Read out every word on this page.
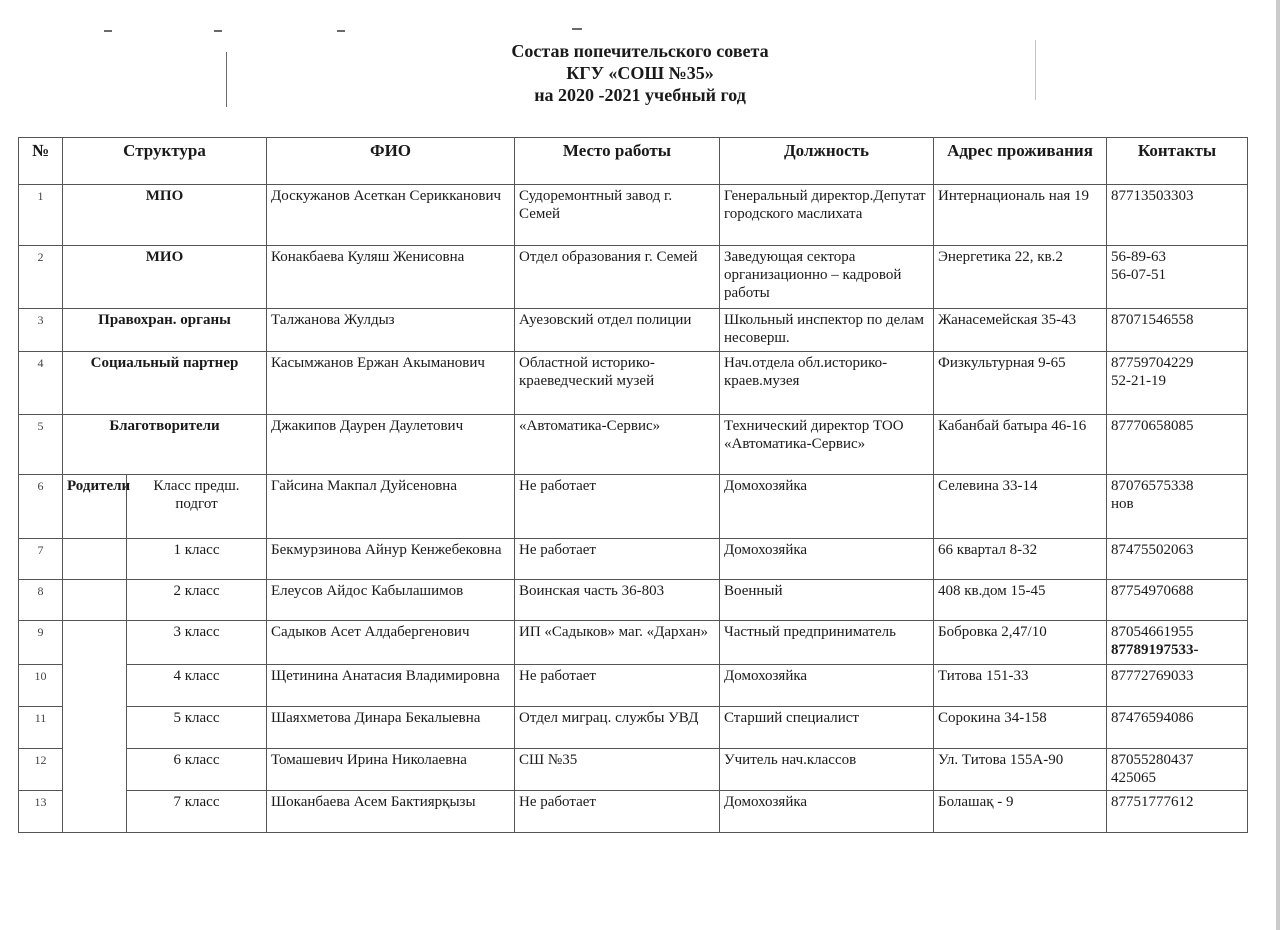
Состав попечительского совета
КГУ «СОШ №35»
на 2020 -2021 учебный год
№	Структура		ФИО	Место работы	Должность	Адрес проживания	Контакты
1	МПО		Доскужанов Асеткан Серикканович	Судоремонтный завод г. Семей	Генеральный директор.Депутат городского маслихата	Интернациональ ная 19	87713503303
2	МИО		Конакбаева Куляш Женисовна	Отдел образования г. Семей	Заведующая сектора организационно – кадровой работы	Энергетика 22, кв.2	56-89-63
56-07-51
3	Правохран. органы		Талжанова Жулдыз	Ауезовский отдел полиции	Школьный инспектор по делам несоверш.	Жанасемейская 35-43	87071546558
4	Социальный партнер		Касымжанов Ержан Акыманович	Областной историко-краеведческий музей	Нач.отдела обл.историко-краев.музея	Физкультурная 9-65	87759704229
52-21-19
5	Благотворители		Джакипов Даурен Даулетович	«Автоматика-Сервис»	Технический директор ТОО «Автоматика-Сервис»	Кабанбай батыра 46-16	87770658085
6	Родители	Класс предш. подгот	Гайсина Макпал Дуйсеновна	Не работает	Домохозяйка	Селевина 33-14	87076575338
нов
7		1 класс	Бекмурзинова Айнур Кенжебековна	Не работает	Домохозяйка	66 квартал 8-32	87475502063
8		2 класс	Елеусов Айдос Кабылашимов	Воинская часть 36-803	Военный	408 кв.дом 15-45	87754970688
9		3 класс	Садыков Асет Алдабергенович	ИП «Садыков» маг. «Дархан»	Частный предприниматель	Бобровка 2,47/10	87054661955
87789197533-

10		4 класс	Щетинина Анатасия Владимировна	Не работает	Домохозяйка	Титова 151-33	87772769033
11		5 класс	Шаяхметова Динара Бекалыевна	Отдел миграц. службы УВД	Старший специалист	Сорокина 34-158	87476594086
12		6 класс	Томашевич Ирина Николаевна	СШ №35	Учитель нач.классов	Ул. Титова 155А-90	87055280437
425065
13		7 класс	Шоканбаева Асем Бактиярқызы	Не работает	Домохозяйка	Болашақ - 9	87751777612
